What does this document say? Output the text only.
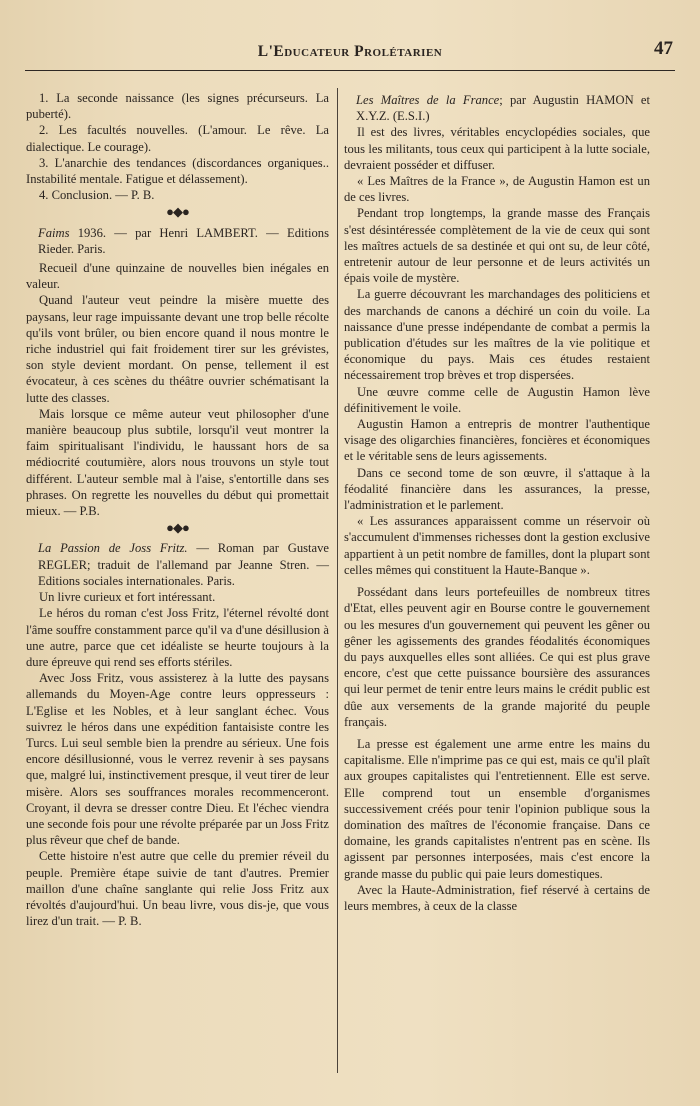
L'Educateur Prolétarien	47

1. La seconde naissance (les signes précurseurs. La puberté).

2. Les facultés nouvelles. (L'amour. Le rêve. La dialectique. Le courage).

3. L'anarchie des tendances (discordances organiques.. Instabilité mentale. Fatigue et délassement).

4. Conclusion. — P. B.

●◆●

Faims 1936. — par Henri LAMBERT. — Editions Rieder. Paris.

Recueil d'une quinzaine de nouvelles bien inégales en valeur.

Quand l'auteur veut peindre la misère muette des paysans, leur rage impuissante devant une trop belle récolte qu'ils vont brûler, ou bien encore quand il nous montre le riche industriel qui fait froidement tirer sur les grévistes, son style devient mordant. On pense, tellement il est évocateur, à ces scènes du théâtre ouvrier schématisant la lutte des classes.

Mais lorsque ce même auteur veut philosopher d'une manière beaucoup plus subtile, lorsqu'il veut montrer la faim spiritualisant l'individu, le haussant hors de sa médiocrité coutumière, alors nous trouvons un style tout différent. L'auteur semble mal à l'aise, s'entortille dans ses phrases. On regrette les nouvelles du début qui promettait mieux. — P.B.

●◆●

La Passion de Joss Fritz. — Roman par Gustave REGLER; traduit de l'allemand par Jeanne Stren. — Editions sociales internationales. Paris.

Un livre curieux et fort intéressant.

Le héros du roman c'est Joss Fritz, l'éternel révolté dont l'âme souffre constamment parce qu'il va d'une désillusion à une autre, parce que cet idéaliste se heurte toujours à la dure épreuve qui rend ses efforts stériles.

Avec Joss Fritz, vous assisterez à la lutte des paysans allemands du Moyen-Age contre leurs oppresseurs : L'Eglise et les Nobles, et à leur sanglant échec. Vous suivrez le héros dans une expédition fantaisiste contre les Turcs. Lui seul semble bien la prendre au sérieux. Une fois encore désillusionné, vous le verrez revenir à ses paysans que, malgré lui, instinctivement presque, il veut tirer de leur misère. Alors ses souffrances morales recommenceront. Croyant, il devra se dresser contre Dieu. Et l'échec viendra une seconde fois pour une révolte préparée par un Joss Fritz plus rêveur que chef de bande.

Cette histoire n'est autre que celle du premier réveil du peuple. Première étape suivie de tant d'autres. Premier maillon d'une chaîne sanglante qui relie Joss Fritz aux révoltés d'aujourd'hui. Un beau livre, vous dis-je, que vous lirez d'un trait. — P. B.

Les Maîtres de la France; par Augustin HAMON et X.Y.Z. (E.S.I.)

Il est des livres, véritables encyclopédies sociales, que tous les militants, tous ceux qui participent à la lutte sociale, devraient posséder et diffuser.

« Les Maîtres de la France », de Augustin Hamon est un de ces livres.

Pendant trop longtemps, la grande masse des Français s'est désintéressée complètement de la vie de ceux qui sont les maîtres actuels de sa destinée et qui ont su, de leur côté, entretenir autour de leur personne et de leurs activités un épais voile de mystère.

La guerre découvrant les marchandages des politiciens et des marchands de canons a déchiré un coin du voile. La naissance d'une presse indépendante de combat a permis la publication d'études sur les maîtres de la vie politique et économique du pays. Mais ces études restaient nécessairement trop brèves et trop dispersées.

Une œuvre comme celle de Augustin Hamon lève définitivement le voile.

Augustin Hamon a entrepris de montrer l'authentique visage des oligarchies financières, foncières et économiques et le véritable sens de leurs agissements.

Dans ce second tome de son œuvre, il s'attaque à la féodalité financière dans les assurances, la presse, l'administration et le parlement.

« Les assurances apparaissent comme un réservoir où s'accumulent d'immenses richesses dont la gestion exclusive appartient à un petit nombre de familles, dont la plupart sont celles mêmes qui constituent la Haute-Banque ».

Possédant dans leurs portefeuilles de nombreux titres d'Etat, elles peuvent agir en Bourse contre le gouvernement ou les mesures d'un gouvernement qui peuvent les gêner ou gêner les agissements des grandes féodalités économiques du pays auxquelles elles sont alliées. Ce qui est plus grave encore, c'est que cette puissance boursière des assurances qui leur permet de tenir entre leurs mains le crédit public est dûe aux versements de la grande majorité du peuple français.

La presse est également une arme entre les mains du capitalisme. Elle n'imprime pas ce qui est, mais ce qu'il plaît aux groupes capitalistes qui l'entretiennent. Elle est serve. Elle comprend tout un ensemble d'organismes successivement créés pour tenir l'opinion publique sous la domination des maîtres de l'économie française. Dans ce domaine, les grands capitalistes n'entrent pas en scène. Ils agissent par personnes interposées, mais c'est encore la grande masse du public qui paie leurs domestiques.

Avec la Haute-Administration, fief réservé à certains de leurs membres, à ceux de la classe
